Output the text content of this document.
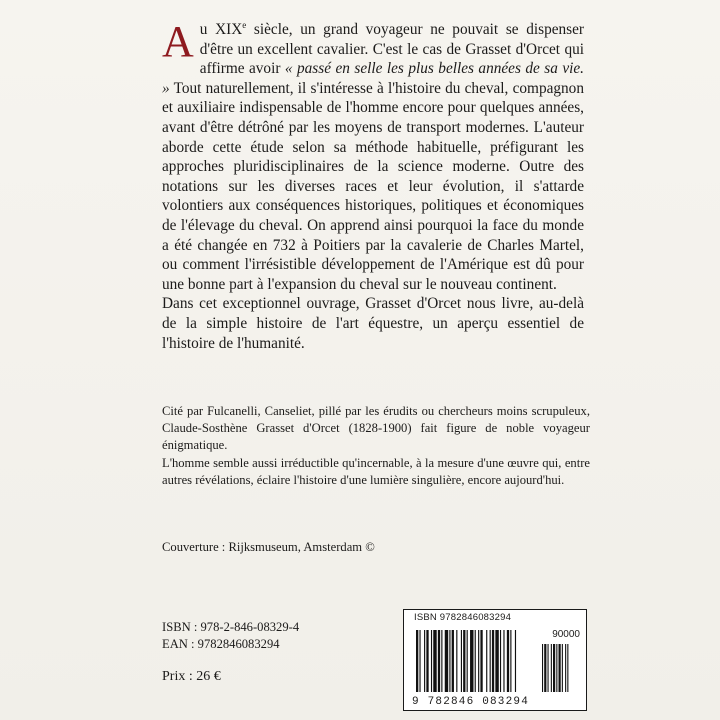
Au XIXe siècle, un grand voyageur ne pouvait se dispenser d'être un excellent cavalier. C'est le cas de Grasset d'Orcet qui affirme avoir « passé en selle les plus belles années de sa vie. » Tout naturellement, il s'intéresse à l'histoire du cheval, compagnon et auxiliaire indispensable de l'homme encore pour quelques années, avant d'être détrôné par les moyens de transport modernes. L'auteur aborde cette étude selon sa méthode habituelle, préfigurant les approches pluridisciplinaires de la science moderne. Outre des notations sur les diverses races et leur évolution, il s'attarde volontiers aux conséquences historiques, politiques et économiques de l'élevage du cheval. On apprend ainsi pourquoi la face du monde a été changée en 732 à Poitiers par la cavalerie de Charles Martel, ou comment l'irrésistible développement de l'Amérique est dû pour une bonne part à l'expansion du cheval sur le nouveau continent.

Dans cet exceptionnel ouvrage, Grasset d'Orcet nous livre, au-delà de la simple histoire de l'art équestre, un aperçu essentiel de l'histoire de l'humanité.

Cité par Fulcanelli, Canseliet, pillé par les érudits ou chercheurs moins scrupuleux, Claude-Sosthène Grasset d'Orcet (1828-1900) fait figure de noble voyageur énigmatique.

L'homme semble aussi irréductible qu'incernable, à la mesure d'une œuvre qui, entre autres révélations, éclaire l'histoire d'une lumière singulière, encore aujourd'hui.

Couverture : Rijksmuseum, Amsterdam ©
ISBN : 978-2-846-08329-4
EAN : 9782846083294
Prix : 26 €
ISBN 9782846083294
90000
9 782846 083294
